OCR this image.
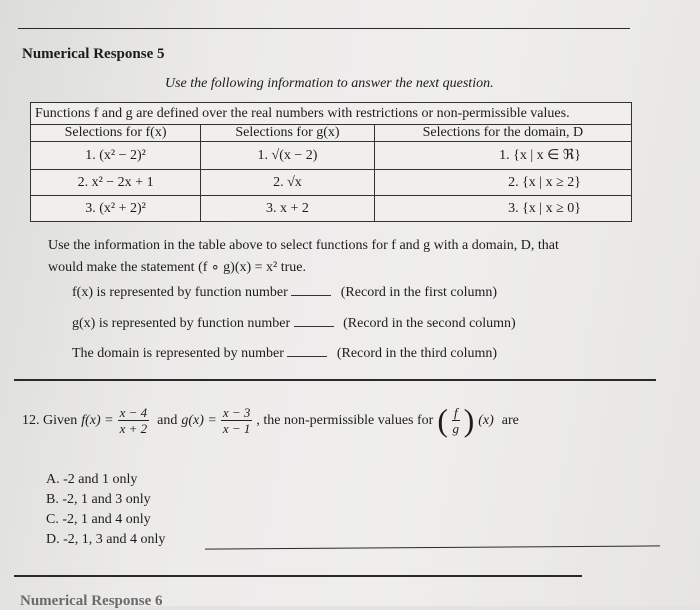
Numerical Response 5
Use the following information to answer the next question.
Functions f and g are defined over the real numbers with restrictions or non-permissible values.		
Selections for f(x)	Selections for g(x)	Selections for the domain, D
1. (x² − 2)²	1. √(x − 2)	1. {x | x ∈ ℜ}
2. x² − 2x + 1	2. √x	2. {x | x ≥ 2}
3. (x² + 2)²	3. x + 2	3. {x | x ≥ 0}
Use the information in the table above to select functions for f and g with a domain, D, that
would make the statement (f ∘ g)(x) = x² true.
f(x) is represented by function number	(Record in the first column)
g(x) is represented by function number	(Record in the second column)
The domain is represented by number	(Record in the third column)
12. Given $f(x) = \frac{x - 4}{x + 2}$ and $g(x) = \frac{x - 3}{x - 1}$ , the non-permissible values for ( $\frac{f}{g}$ ) (x) are
A. -2 and 1 only
B. -2, 1 and 3 only
C. -2, 1 and 4 only
D. -2, 1, 3 and 4 only
Numerical Response 6
